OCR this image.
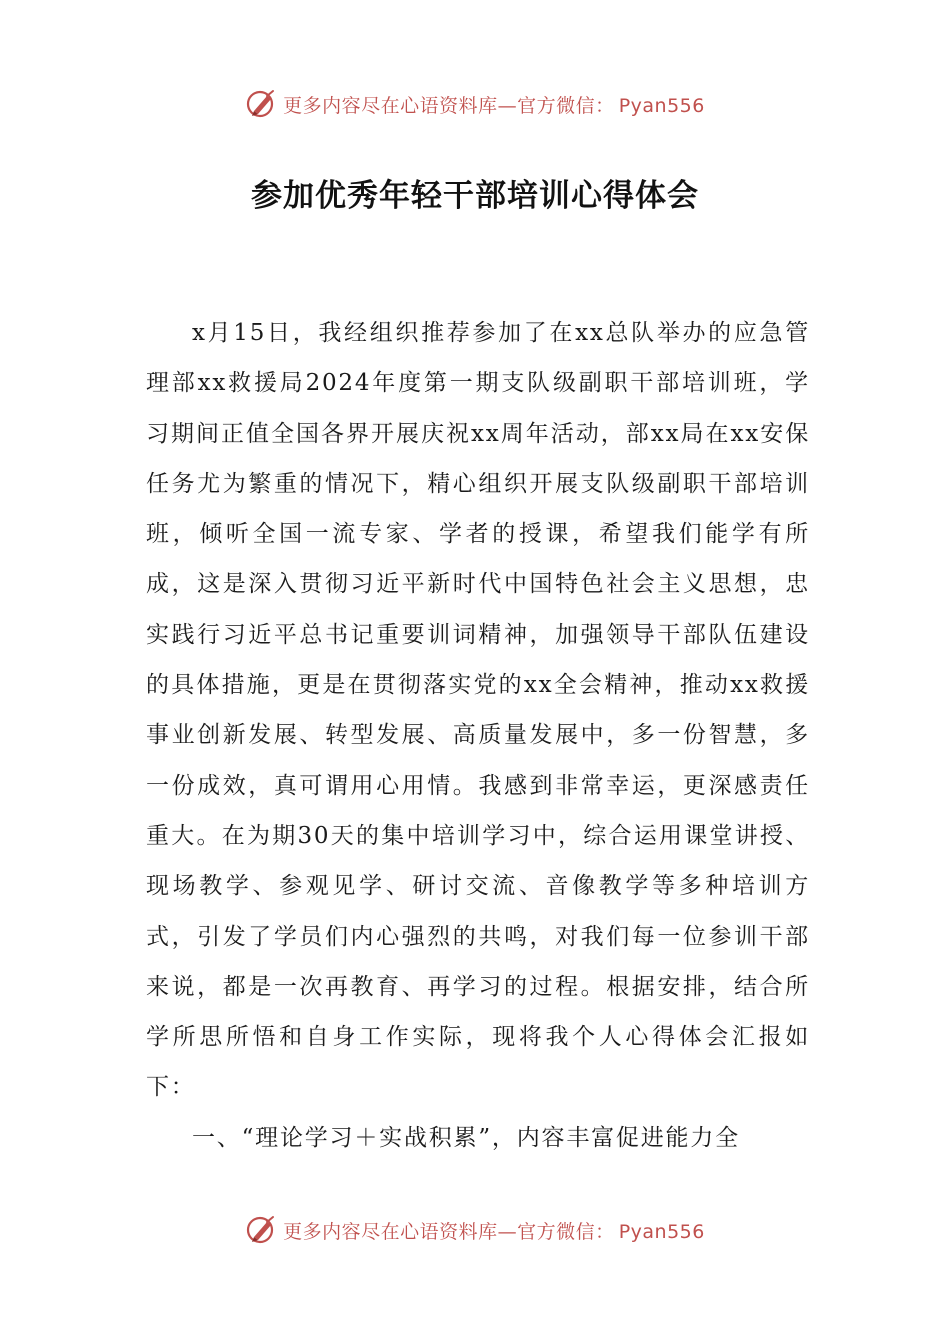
更多内容尽在心语资料库—官方微信： Pyan556
参加优秀年轻干部培训心得体会

x月15日，我经组织推荐参加了在xx总队举办的应急管理部xx救援局2024年度第一期支队级副职干部培训班，学习期间正值全国各界开展庆祝xx周年活动，部xx局在xx安保任务尤为繁重的情况下，精心组织开展支队级副职干部培训班，倾听全国一流专家、学者的授课，希望我们能学有所成，这是深入贯彻习近平新时代中国特色社会主义思想，忠实践行习近平总书记重要训词精神，加强领导干部队伍建设的具体措施，更是在贯彻落实党的xx全会精神，推动xx救援事业创新发展、转型发展、高质量发展中，多一份智慧，多一份成效，真可谓用心用情。我感到非常幸运，更深感责任重大。在为期30天的集中培训学习中，综合运用课堂讲授、现场教学、参观见学、研讨交流、音像教学等多种培训方式，引发了学员们内心强烈的共鸣，对我们每一位参训干部来说，都是一次再教育、再学习的过程。根据安排，结合所学所思所悟和自身工作实际，现将我个人心得体会汇报如下：

一、“理论学习＋实战积累”，内容丰富促进能力全

更多内容尽在心语资料库—官方微信： Pyan556
